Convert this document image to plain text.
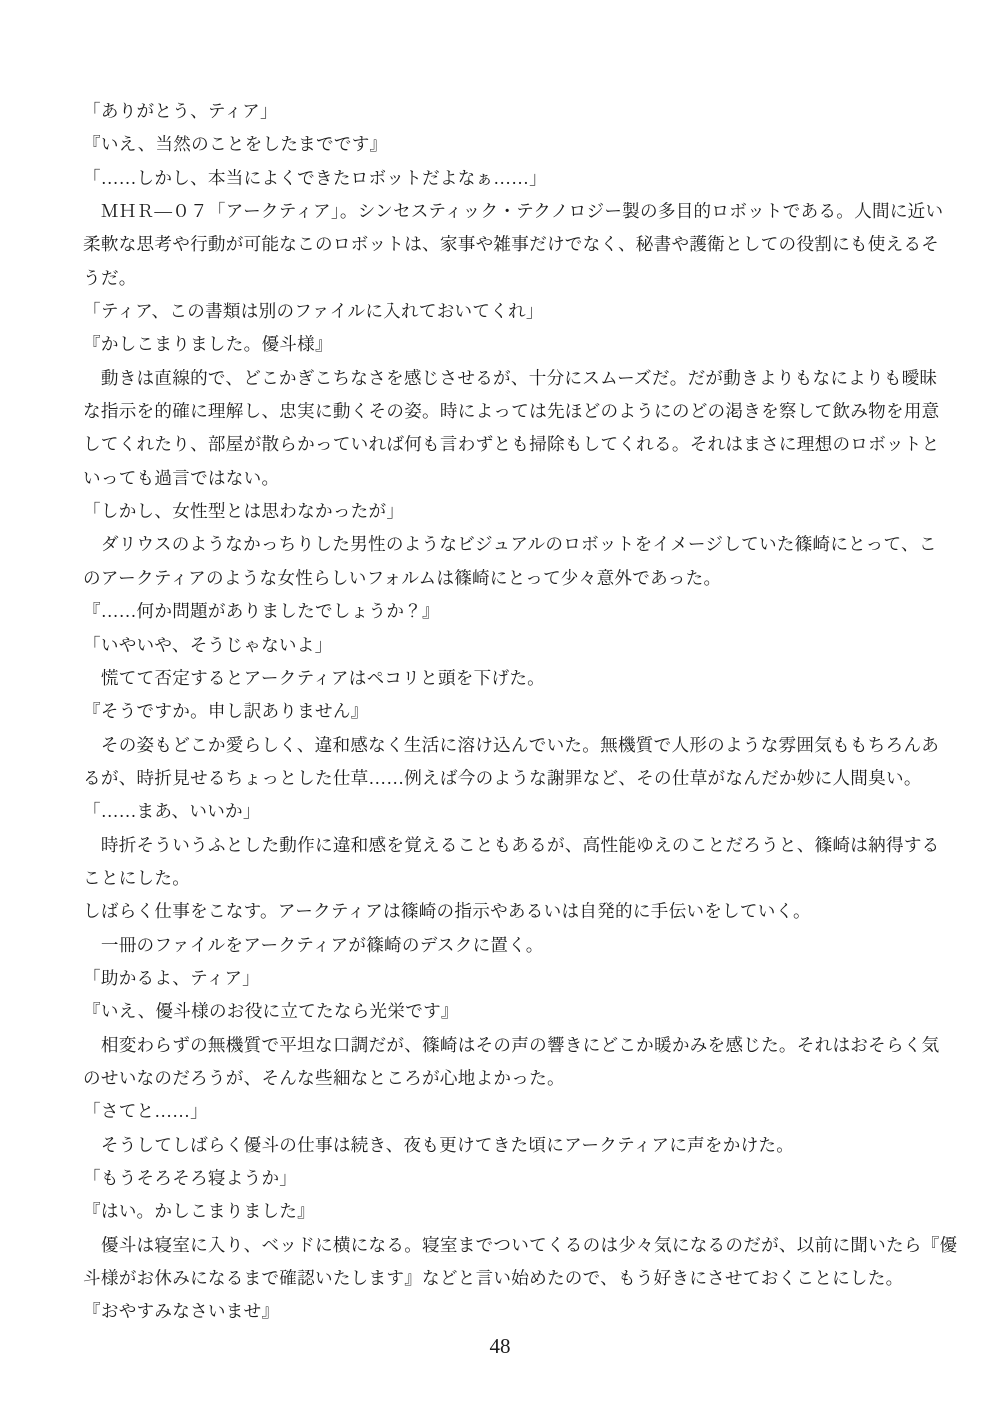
「ありがとう、ティア」
『いえ、当然のことをしたまでです』
「……しかし、本当によくできたロボットだよなぁ……」
　ＭＨＲ―０７「アークティア」。シンセスティック・テクノロジー製の多目的ロボットである。人間に近い
柔軟な思考や行動が可能なこのロボットは、家事や雑事だけでなく、秘書や護衛としての役割にも使えるそ
うだ。
「ティア、この書類は別のファイルに入れておいてくれ」
『かしこまりました。優斗様』
　動きは直線的で、どこかぎこちなさを感じさせるが、十分にスムーズだ。だが動きよりもなによりも曖昧
な指示を的確に理解し、忠実に動くその姿。時によっては先ほどのようにのどの渇きを察して飲み物を用意
してくれたり、部屋が散らかっていれば何も言わずとも掃除もしてくれる。それはまさに理想のロボットと
いっても過言ではない。
「しかし、女性型とは思わなかったが」
　ダリウスのようなかっちりした男性のようなビジュアルのロボットをイメージしていた篠崎にとって、こ
のアークティアのような女性らしいフォルムは篠崎にとって少々意外であった。
『……何か問題がありましたでしょうか？』
「いやいや、そうじゃないよ」
　慌てて否定するとアークティアはペコリと頭を下げた。
『そうですか。申し訳ありません』
　その姿もどこか愛らしく、違和感なく生活に溶け込んでいた。無機質で人形のような雰囲気ももちろんあ
るが、時折見せるちょっとした仕草……例えば今のような謝罪など、その仕草がなんだか妙に人間臭い。
「……まあ、いいか」
　時折そういうふとした動作に違和感を覚えることもあるが、高性能ゆえのことだろうと、篠崎は納得する
ことにした。
しばらく仕事をこなす。アークティアは篠崎の指示やあるいは自発的に手伝いをしていく。
　一冊のファイルをアークティアが篠崎のデスクに置く。
「助かるよ、ティア」
『いえ、優斗様のお役に立てたなら光栄です』
　相変わらずの無機質で平坦な口調だが、篠崎はその声の響きにどこか暖かみを感じた。それはおそらく気
のせいなのだろうが、そんな些細なところが心地よかった。
「さてと……」
　そうしてしばらく優斗の仕事は続き、夜も更けてきた頃にアークティアに声をかけた。
「もうそろそろ寝ようか」
『はい。かしこまりました』
　優斗は寝室に入り、ベッドに横になる。寝室までついてくるのは少々気になるのだが、以前に聞いたら『優
斗様がお休みになるまで確認いたします』などと言い始めたので、もう好きにさせておくことにした。
『おやすみなさいませ』
48
